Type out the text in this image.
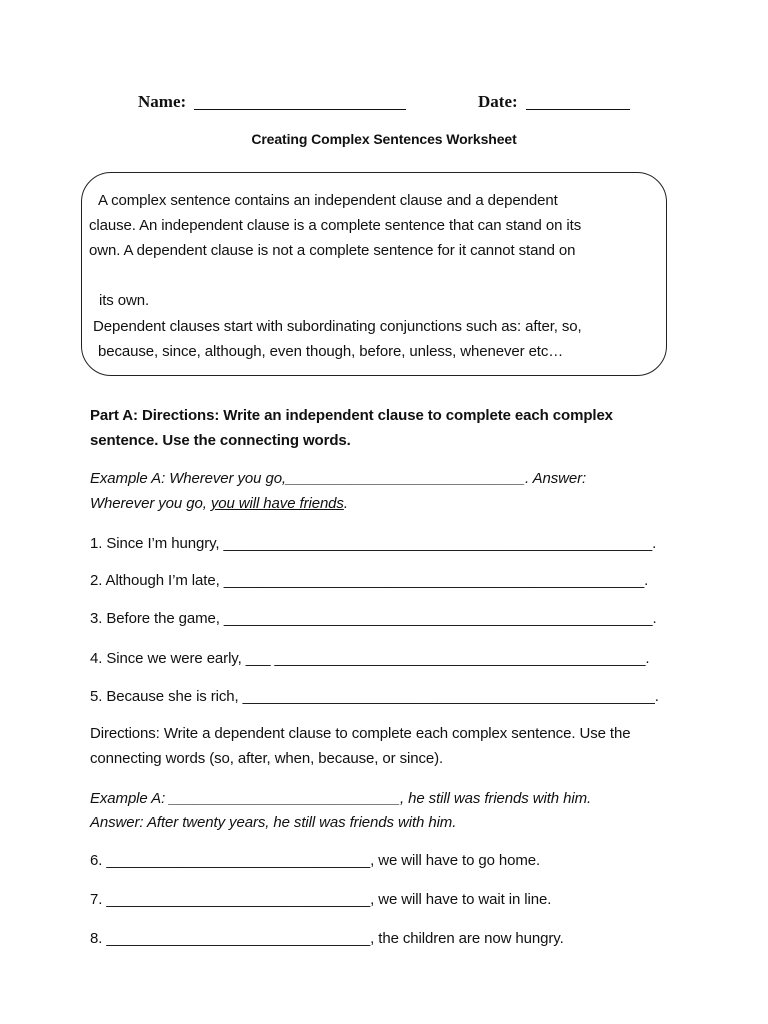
Name:	Date:
Creating Complex Sentences Worksheet
A complex sentence contains an independent clause and a dependent
clause. An independent clause is a complete sentence that can stand on its
own. A dependent clause is not a complete sentence for it cannot stand on
its own.
Dependent clauses start with subordinating conjunctions such as: after, so,
because, since, although, even though, before, unless, whenever etc…
Part A: Directions: Write an independent clause to complete each complex
sentence. Use the connecting words.
Example A: Wherever you go,_____________________________. Answer:
Wherever you go, you will have friends.
1. Since I’m hungry, ____________________________________________________.
2. Although I’m late, ___________________________________________________.
3. Before the game, ____________________________________________________.
4. Since we were early, ___ _____________________________________________.
5. Because she is rich, __________________________________________________.
Directions: Write a dependent clause to complete each complex sentence. Use the
connecting words (so, after, when, because, or since).
Example A: ____________________________, he still was friends with him.
Answer: After twenty years, he still was friends with him.
6. ________________________________, we will have to go home.
7. ________________________________, we will have to wait in line.
8. ________________________________, the children are now hungry.
